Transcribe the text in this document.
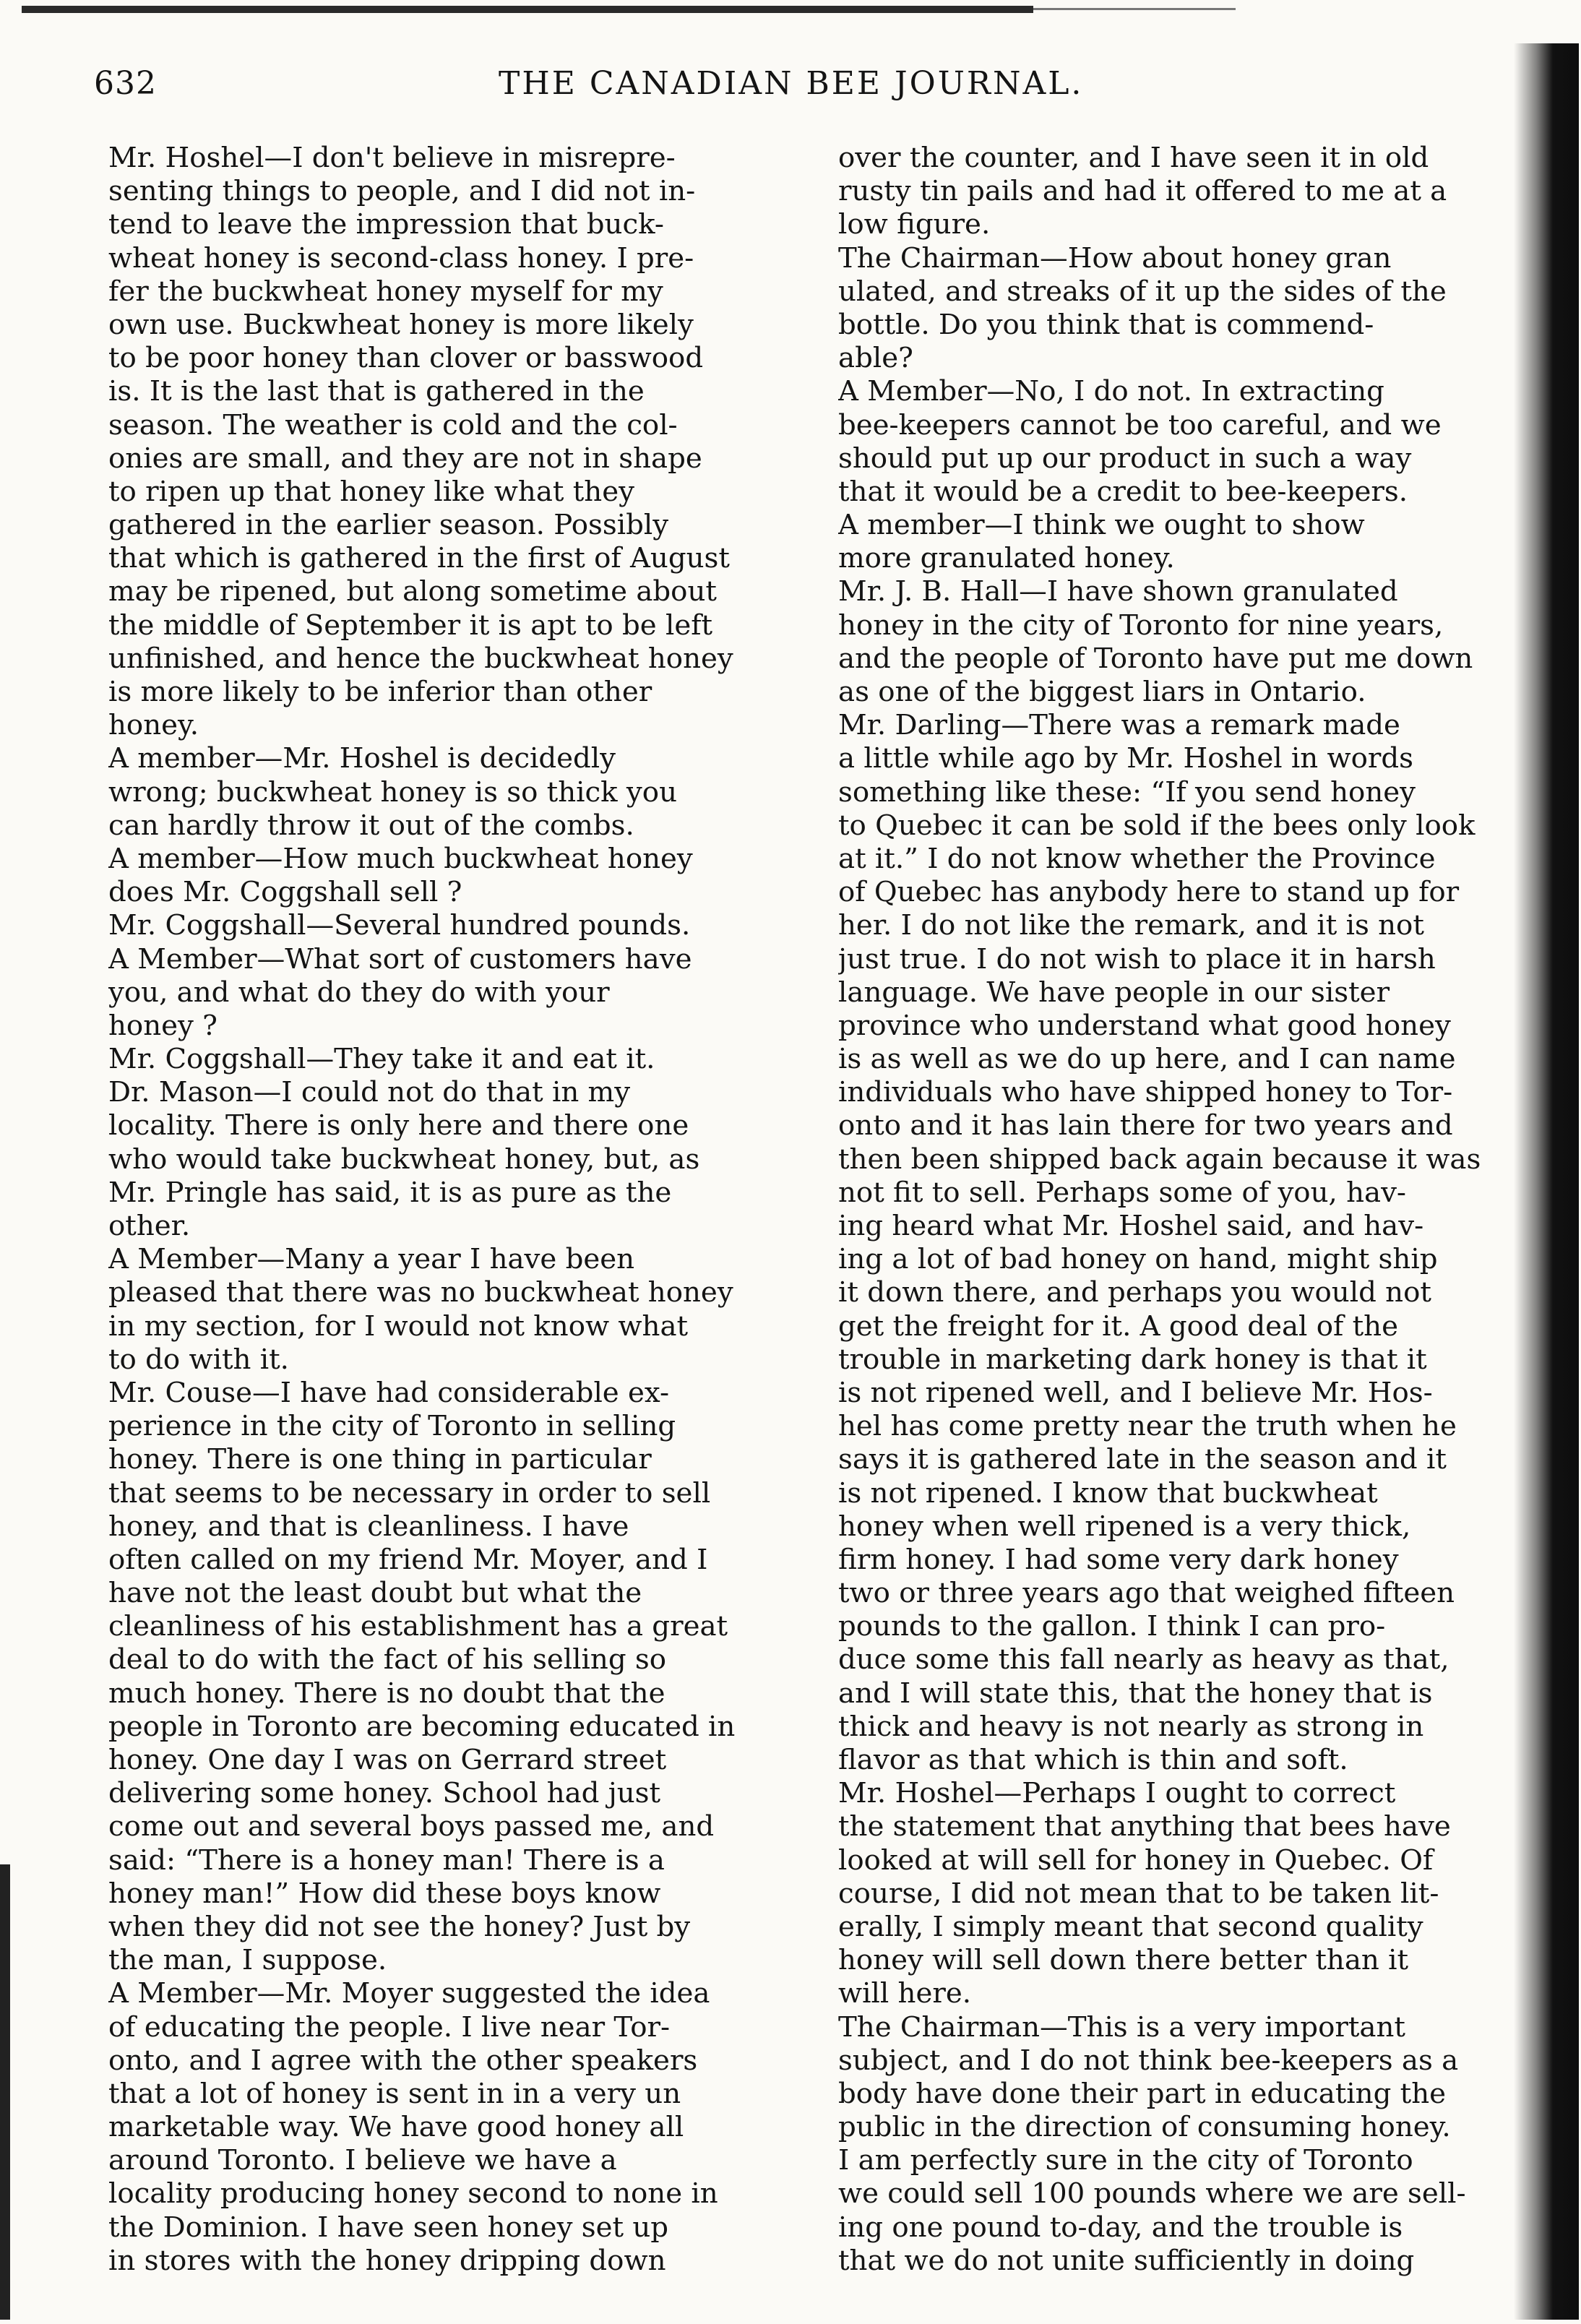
632	THE CANADIAN BEE JOURNAL.
Mr. Hoshel—I don't believe in misrepre-
senting things to people, and I did not in-
tend to leave the impression that buck-
wheat honey is second-class honey. I pre-
fer the buckwheat honey myself for my
own use. Buckwheat honey is more likely
to be poor honey than clover or basswood
is. It is the last that is gathered in the
season. The weather is cold and the col-
onies are small, and they are not in shape
to ripen up that honey like what they
gathered in the earlier season. Possibly
that which is gathered in the first of August
may be ripened, but along sometime about
the middle of September it is apt to be left
unfinished, and hence the buckwheat honey
is more likely to be inferior than other
honey.
A member—Mr. Hoshel is decidedly
wrong; buckwheat honey is so thick you
can hardly throw it out of the combs.
A member—How much buckwheat honey
does Mr. Coggshall sell ?
Mr. Coggshall—Several hundred pounds.
A Member—What sort of customers have
you, and what do they do with your
honey ?
Mr. Coggshall—They take it and eat it.
Dr. Mason—I could not do that in my
locality. There is only here and there one
who would take buckwheat honey, but, as
Mr. Pringle has said, it is as pure as the
other.
A Member—Many a year I have been
pleased that there was no buckwheat honey
in my section, for I would not know what
to do with it.
Mr. Couse—I have had considerable ex-
perience in the city of Toronto in selling
honey. There is one thing in particular
that seems to be necessary in order to sell
honey, and that is cleanliness. I have
often called on my friend Mr. Moyer, and I
have not the least doubt but what the
cleanliness of his establishment has a great
deal to do with the fact of his selling so
much honey. There is no doubt that the
people in Toronto are becoming educated in
honey. One day I was on Gerrard street
delivering some honey. School had just
come out and several boys passed me, and
said: “There is a honey man! There is a
honey man!” How did these boys know
when they did not see the honey? Just by
the man, I suppose.
A Member—Mr. Moyer suggested the idea
of educating the people. I live near Tor-
onto, and I agree with the other speakers
that a lot of honey is sent in in a very un
marketable way. We have good honey all
around Toronto. I believe we have a
locality producing honey second to none in
the Dominion. I have seen honey set up
in stores with the honey dripping down
over the counter, and I have seen it in old
rusty tin pails and had it offered to me at a
low figure.
The Chairman—How about honey gran
ulated, and streaks of it up the sides of the
bottle. Do you think that is commend-
able?
A Member—No, I do not. In extracting
bee-keepers cannot be too careful, and we
should put up our product in such a way
that it would be a credit to bee-keepers.
A member—I think we ought to show
more granulated honey.
Mr. J. B. Hall—I have shown granulated
honey in the city of Toronto for nine years,
and the people of Toronto have put me down
as one of the biggest liars in Ontario.
Mr. Darling—There was a remark made
a little while ago by Mr. Hoshel in words
something like these: “If you send honey
to Quebec it can be sold if the bees only look
at it.” I do not know whether the Province
of Quebec has anybody here to stand up for
her. I do not like the remark, and it is not
just true. I do not wish to place it in harsh
language. We have people in our sister
province who understand what good honey
is as well as we do up here, and I can name
individuals who have shipped honey to Tor-
onto and it has lain there for two years and
then been shipped back again because it was
not fit to sell. Perhaps some of you, hav-
ing heard what Mr. Hoshel said, and hav-
ing a lot of bad honey on hand, might ship
it down there, and perhaps you would not
get the freight for it. A good deal of the
trouble in marketing dark honey is that it
is not ripened well, and I believe Mr. Hos-
hel has come pretty near the truth when he
says it is gathered late in the season and it
is not ripened. I know that buckwheat
honey when well ripened is a very thick,
firm honey. I had some very dark honey
two or three years ago that weighed fifteen
pounds to the gallon. I think I can pro-
duce some this fall nearly as heavy as that,
and I will state this, that the honey that is
thick and heavy is not nearly as strong in
flavor as that which is thin and soft.
Mr. Hoshel—Perhaps I ought to correct
the statement that anything that bees have
looked at will sell for honey in Quebec. Of
course, I did not mean that to be taken lit-
erally, I simply meant that second quality
honey will sell down there better than it
will here.
The Chairman—This is a very important
subject, and I do not think bee-keepers as a
body have done their part in educating the
public in the direction of consuming honey.
I am perfectly sure in the city of Toronto
we could sell 100 pounds where we are sell-
ing one pound to-day, and the trouble is
that we do not unite sufficiently in doing
